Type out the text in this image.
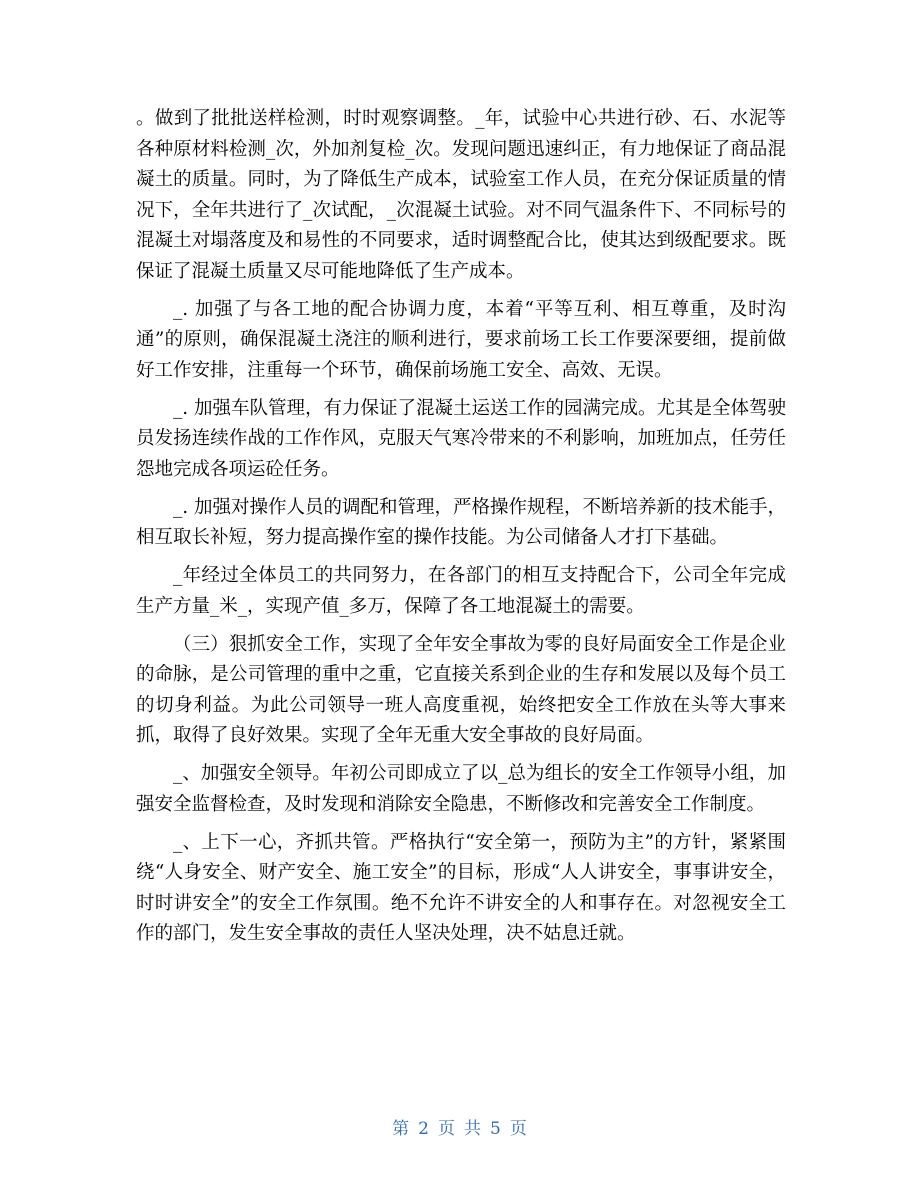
。做到了批批送样检测，时时观察调整。_年，试验中心共进行砂、石、水泥等各种原材料检测_次，外加剂复检_次。发现问题迅速纠正，有力地保证了商品混凝土的质量。同时，为了降低生产成本，试验室工作人员，在充分保证质量的情况下，全年共进行了_次试配，_次混凝土试验。对不同气温条件下、不同标号的混凝土对塌落度及和易性的不同要求，适时调整配合比，使其达到级配要求。既保证了混凝土质量又尽可能地降低了生产成本。

_. 加强了与各工地的配合协调力度，本着“平等互利、相互尊重，及时沟通”的原则，确保混凝土浇注的顺利进行，要求前场工长工作要深要细，提前做好工作安排，注重每一个环节，确保前场施工安全、高效、无误。

_. 加强车队管理，有力保证了混凝土运送工作的园满完成。尤其是全体驾驶员发扬连续作战的工作作风，克服天气寒冷带来的不利影响，加班加点，任劳任怨地完成各项运砼任务。

_. 加强对操作人员的调配和管理，严格操作规程，不断培养新的技术能手，相互取长补短，努力提高操作室的操作技能。为公司储备人才打下基础。

_年经过全体员工的共同努力，在各部门的相互支持配合下，公司全年完成生产方量_米_，实现产值_多万，保障了各工地混凝土的需要。

（三）狠抓安全工作，实现了全年安全事故为零的良好局面安全工作是企业的命脉，是公司管理的重中之重，它直接关系到企业的生存和发展以及每个员工的切身利益。为此公司领导一班人高度重视，始终把安全工作放在头等大事来抓，取得了良好效果。实现了全年无重大安全事故的良好局面。

_、加强安全领导。年初公司即成立了以_总为组长的安全工作领导小组，加强安全监督检查，及时发现和消除安全隐患，不断修改和完善安全工作制度。

_、上下一心，齐抓共管。严格执行“安全第一，预防为主”的方针，紧紧围绕“人身安全、财产安全、施工安全”的目标，形成“人人讲安全，事事讲安全，时时讲安全”的安全工作氛围。绝不允许不讲安全的人和事存在。对忽视安全工作的部门，发生安全事故的责任人坚决处理，决不姑息迁就。

第 2 页 共 5 页
